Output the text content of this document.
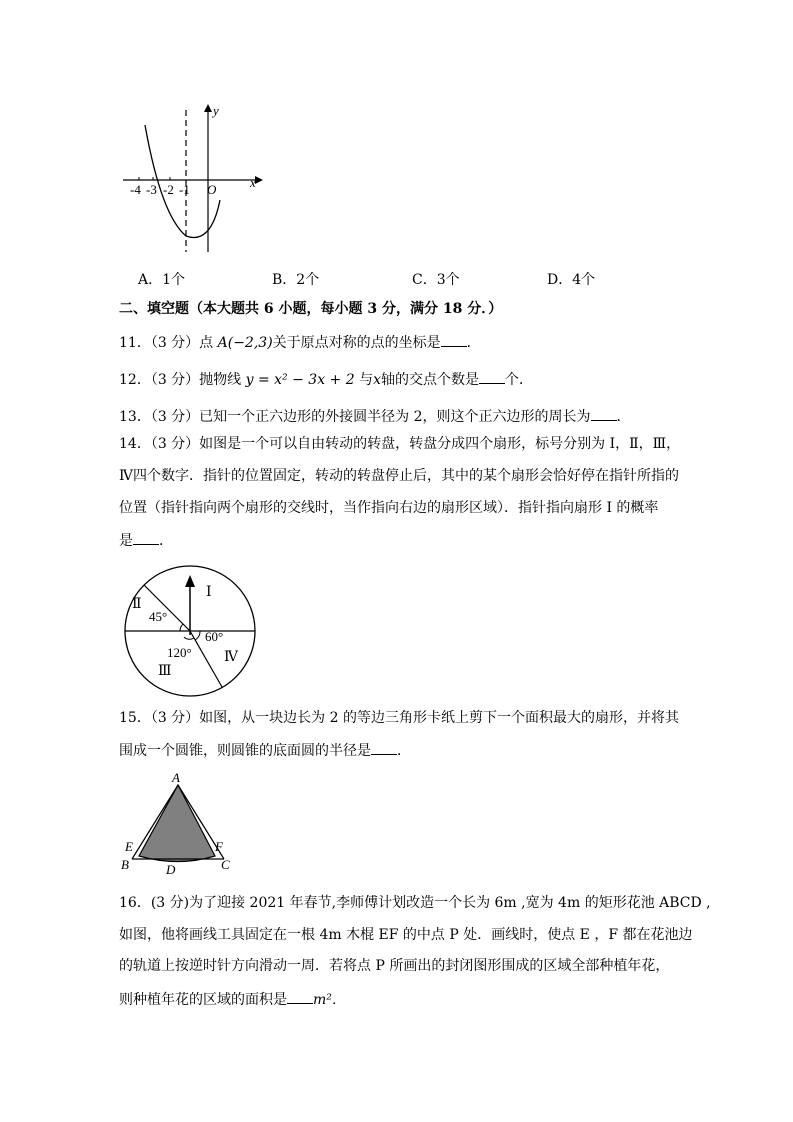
-4 -3 -2 -1 O	x
y
A．1个	B．2个	C．3个	D．4个
二、填空题（本大题共 6 小题，每小题 3 分，满分 18 分．）
11．（3 分）点 A(−2,3)关于原点对称的点的坐标是 ．
12．（3 分）抛物线 y = x² − 3x + 2 与x轴的交点个数是 个．
13．（3 分）已知一个正六边形的外接圆半径为 2，则这个正六边形的周长为 ．
14．（3 分）如图是一个可以自由转动的转盘，转盘分成四个扇形，标号分别为 Ⅰ，Ⅱ，Ⅲ，
Ⅳ四个数字．指针的位置固定，转动的转盘停止后，其中的某个扇形会恰好停在指针所指的
位置（指针指向两个扇形的交线时，当作指向右边的扇形区域）．指针指向扇形 Ⅰ 的概率
是 ．
Ⅰ
Ⅱ
Ⅲ
Ⅳ
45°
60°
120°
15．（3 分）如图，从一块边长为 2 的等边三角形卡纸上剪下一个面积最大的扇形，并将其
围成一个圆锥，则圆锥的底面圆的半径是 ．
A
B	C
D
E	F
16．(3 分)为了迎接 2021 年春节,李师傅计划改造一个长为 6m ,宽为 4m 的矩形花池 ABCD ,
如图，他将画线工具固定在一根 4m 木棍 EF 的中点 P 处．画线时，使点 E ，F 都在花池边
的轨道上按逆时针方向滑动一周．若将点 P 所画出的封闭图形围成的区域全部种植年花，
则种植年花的区域的面积是 m²．
